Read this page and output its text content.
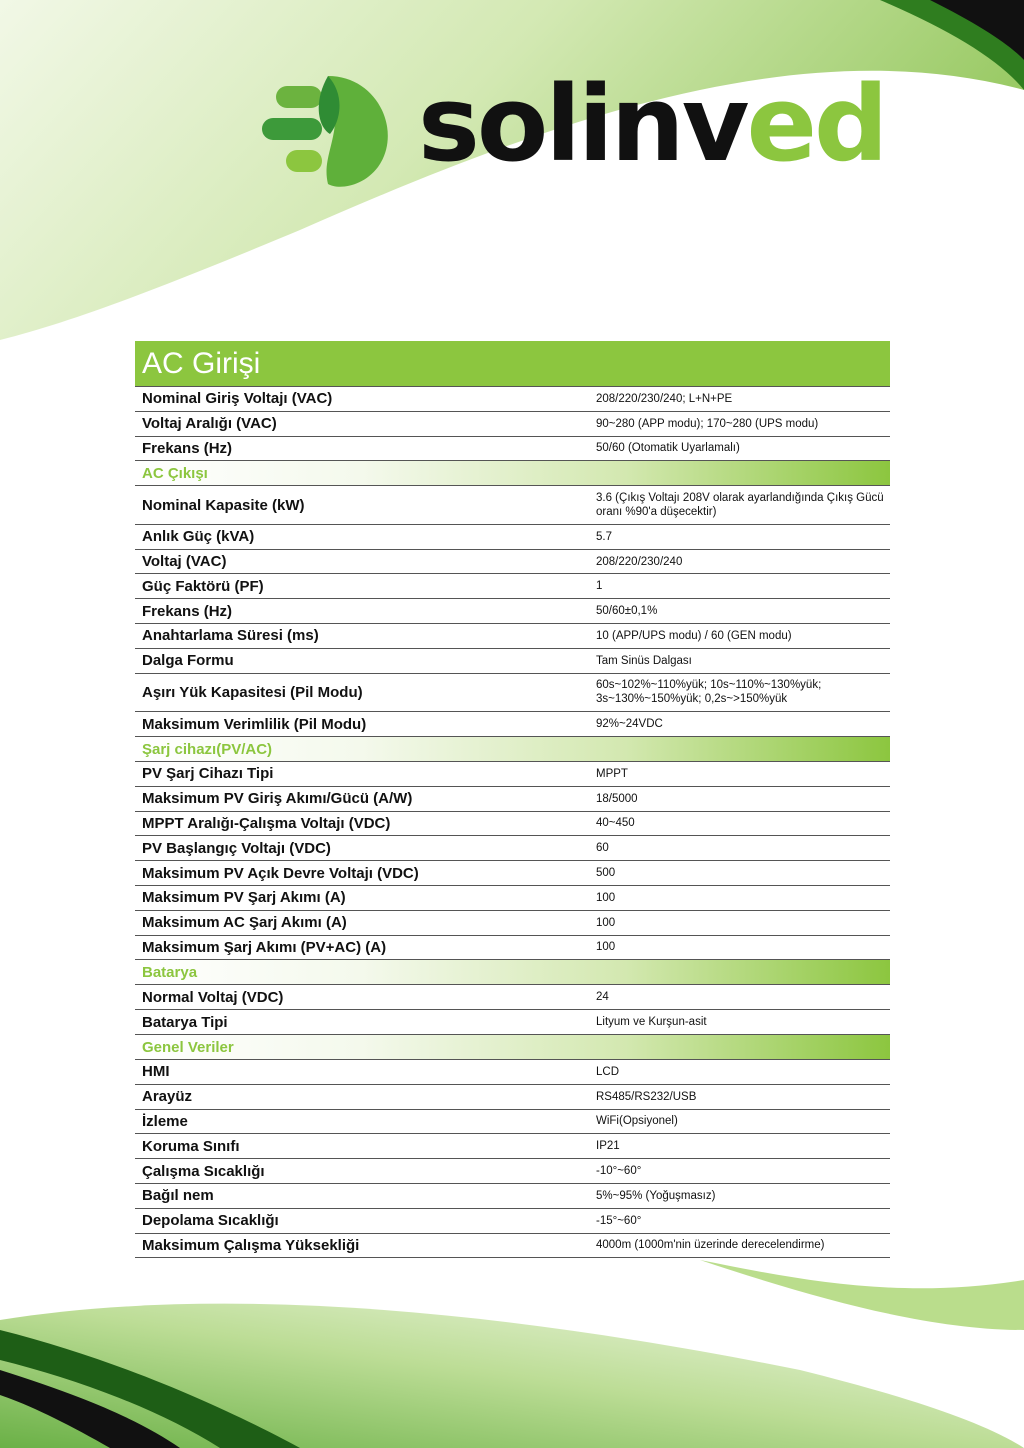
solinved
AC Girişi
Nominal Giriş Voltajı (VAC)	208/220/230/240; L+N+PE
Voltaj Aralığı (VAC)	90~280 (APP modu); 170~280 (UPS modu)
Frekans (Hz)	50/60 (Otomatik Uyarlamalı)
AC Çıkışı
Nominal Kapasite (kW)	3.6 (Çıkış Voltajı 208V olarak ayarlandığında Çıkış Gücü oranı %90'a düşecektir)
Anlık Güç (kVA)	5.7
Voltaj (VAC)	208/220/230/240
Güç Faktörü (PF)	1
Frekans (Hz)	50/60±0,1%
Anahtarlama Süresi (ms)	10 (APP/UPS modu) / 60 (GEN modu)
Dalga Formu	Tam Sinüs Dalgası
Aşırı Yük Kapasitesi (Pil Modu)	60s~102%~110%yük; 10s~110%~130%yük; 3s~130%~150%yük; 0,2s~>150%yük
Maksimum Verimlilik (Pil Modu)	92%~24VDC
Şarj cihazı(PV/AC)
PV Şarj Cihazı Tipi	MPPT
Maksimum PV Giriş Akımı/Gücü (A/W)	18/5000
MPPT Aralığı-Çalışma Voltajı (VDC)	40~450
PV Başlangıç Voltajı (VDC)	60
Maksimum PV Açık Devre Voltajı (VDC)	500
Maksimum PV Şarj Akımı (A)	100
Maksimum AC Şarj Akımı (A)	100
Maksimum Şarj Akımı (PV+AC) (A)	100
Batarya
Normal Voltaj (VDC)	24
Batarya Tipi	Lityum ve Kurşun-asit
Genel Veriler
HMI	LCD
Arayüz	RS485/RS232/USB
İzleme	WiFi(Opsiyonel)
Koruma Sınıfı	IP21
Çalışma Sıcaklığı	-10°~60°
Bağıl nem	5%~95% (Yoğuşmasız)
Depolama Sıcaklığı	-15°~60°
Maksimum Çalışma Yüksekliği	4000m (1000m'nin üzerinde derecelendirme)
